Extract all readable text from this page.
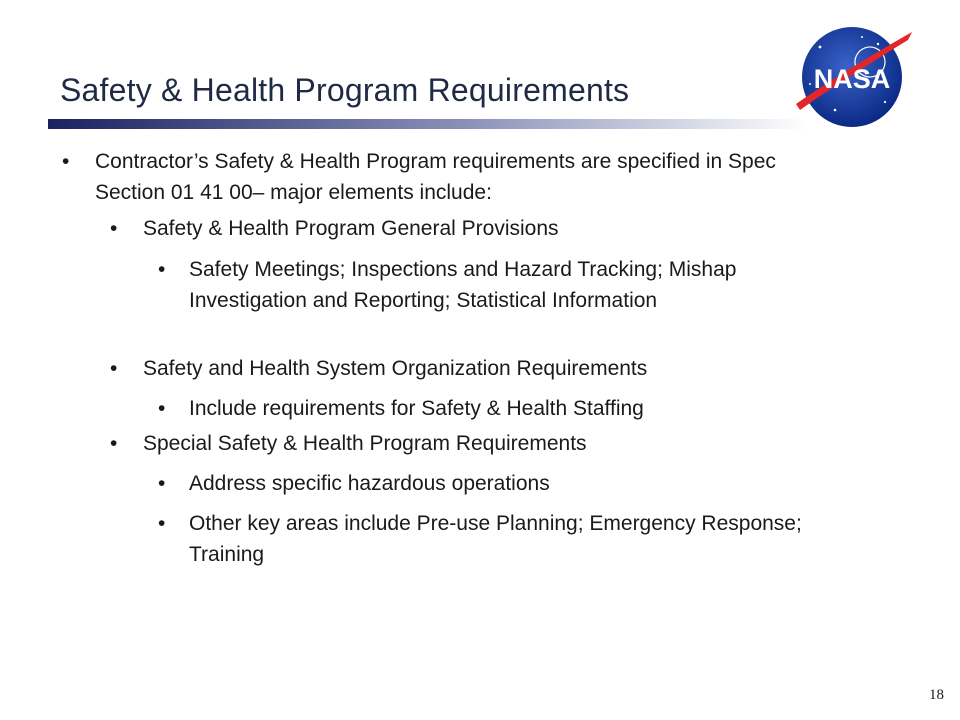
Safety & Health Program Requirements	NASA
• Contractor’s Safety & Health Program requirements are specified in Spec Section 01 41 00– major elements include:
• Safety & Health Program General Provisions
• Safety Meetings; Inspections and Hazard Tracking; Mishap Investigation and Reporting; Statistical Information
• Safety and Health System Organization Requirements
• Include requirements for Safety & Health Staffing
• Special Safety & Health Program Requirements
• Address specific hazardous operations
• Other key areas include Pre-use Planning; Emergency Response; Training
18
